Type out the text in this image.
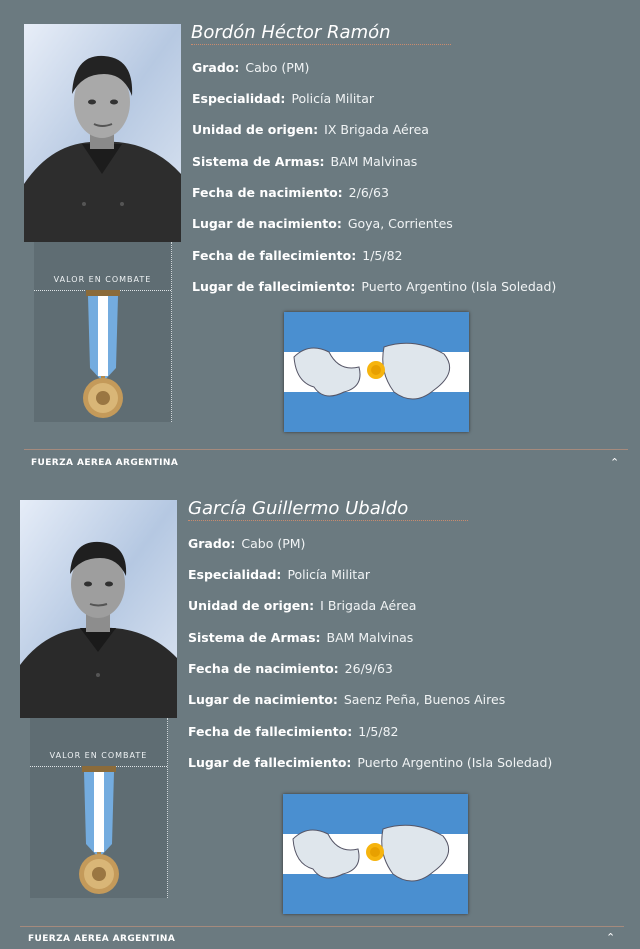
VALOR EN COMBATE
Bordón Héctor Ramón
Grado: Cabo (PM)
Especialidad: Policía Militar
Unidad de origen: IX Brigada Aérea
Sistema de Armas: BAM Malvinas
Fecha de nacimiento: 2/6/63
Lugar de nacimiento: Goya, Corrientes
Fecha de fallecimiento: 1/5/82
Lugar de fallecimiento: Puerto Argentino (Isla Soledad)
FUERZA AEREA ARGENTINA	⌃
VALOR EN COMBATE
García Guillermo Ubaldo
Grado: Cabo (PM)
Especialidad: Policía Militar
Unidad de origen: I Brigada Aérea
Sistema de Armas: BAM Malvinas
Fecha de nacimiento: 26/9/63
Lugar de nacimiento: Saenz Peña, Buenos Aires
Fecha de fallecimiento: 1/5/82
Lugar de fallecimiento: Puerto Argentino (Isla Soledad)
FUERZA AEREA ARGENTINA	⌃
